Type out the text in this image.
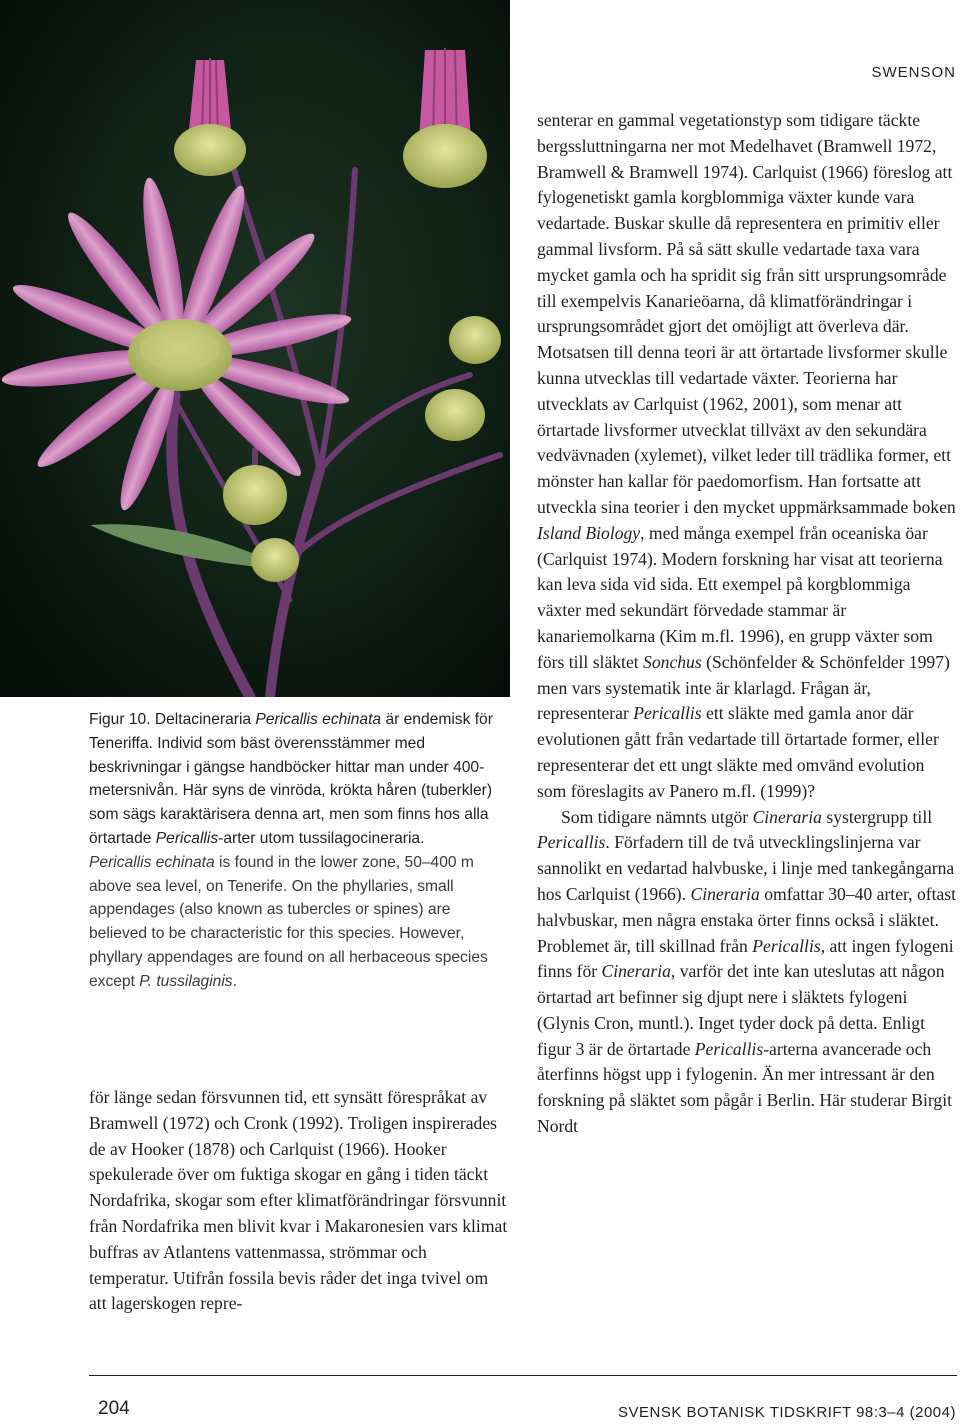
SWENSON

Figur 10. Deltacineraria Pericallis echinata är endemisk för Teneriffa. Individ som bäst överensstämmer med beskrivningar i gängse handböcker hittar man under 400-metersnivån. Här syns de vinröda, krökta håren (tuberkler) som sägs karaktärisera denna art, men som finns hos alla örtartade Pericallis-arter utom tussilagocineraria.

Pericallis echinata is found in the lower zone, 50–400 m above sea level, on Tenerife. On the phyllaries, small appendages (also known as tubercles or spines) are believed to be characteristic for this species. However, phyllary appendages are found on all herbaceous species except P. tussilaginis.

för länge sedan försvunnen tid, ett synsätt förespråkat av Bramwell (1972) och Cronk (1992). Troligen inspirerades de av Hooker (1878) och Carlquist (1966). Hooker spekulerade över om fuktiga skogar en gång i tiden täckt Nordafrika, skogar som efter klimatförändringar försvunnit från Nordafrika men blivit kvar i Makaronesien vars klimat buffras av Atlantens vattenmassa, strömmar och temperatur. Utifrån fossila bevis råder det inga tvivel om att lagerskogen repre-

senterar en gammal vegetationstyp som tidigare täckte bergssluttningarna ner mot Medelhavet (Bramwell 1972, Bramwell & Bramwell 1974). Carlquist (1966) föreslog att fylogenetiskt gamla korgblommiga växter kunde vara vedartade. Buskar skulle då representera en primitiv eller gammal livsform. På så sätt skulle vedartade taxa vara mycket gamla och ha spridit sig från sitt ursprungsområde till exempelvis Kanarieöarna, då klimatförändringar i ursprungsområdet gjort det omöjligt att överleva där. Motsatsen till denna teori är att örtartade livsformer skulle kunna utvecklas till vedartade växter. Teorierna har utvecklats av Carlquist (1962, 2001), som menar att örtartade livsformer utvecklat tillväxt av den sekundära vedvävnaden (xylemet), vilket leder till trädlika former, ett mönster han kallar för paedomorfism. Han fortsatte att utveckla sina teorier i den mycket uppmärksammade boken Island Biology, med många exempel från oceaniska öar (Carlquist 1974). Modern forskning har visat att teorierna kan leva sida vid sida. Ett exempel på korgblommiga växter med sekundärt förvedade stammar är kanariemolkarna (Kim m.fl. 1996), en grupp växter som förs till släktet Sonchus (Schönfelder & Schönfelder 1997) men vars systematik inte är klarlagd. Frågan är, representerar Pericallis ett släkte med gamla anor där evolutionen gått från vedartade till örtartade former, eller representerar det ett ungt släkte med omvänd evolution som föreslagits av Panero m.fl. (1999)?

Som tidigare nämnts utgör Cineraria systergrupp till Pericallis. Förfadern till de två utvecklingslinjerna var sannolikt en vedartad halvbuske, i linje med tankegångarna hos Carlquist (1966). Cineraria omfattar 30–40 arter, oftast halvbuskar, men några enstaka örter finns också i släktet. Problemet är, till skillnad från Pericallis, att ingen fylogeni finns för Cineraria, varför det inte kan uteslutas att någon örtartad art befinner sig djupt nere i släktets fylogeni (Glynis Cron, muntl.). Inget tyder dock på detta. Enligt figur 3 är de örtartade Pericallis-arterna avancerade och återfinns högst upp i fylogenin. Än mer intressant är den forskning på släktet som pågår i Berlin. Här studerar Birgit Nordt

204	SVENSK BOTANISK TIDSKRIFT 98:3–4 (2004)
